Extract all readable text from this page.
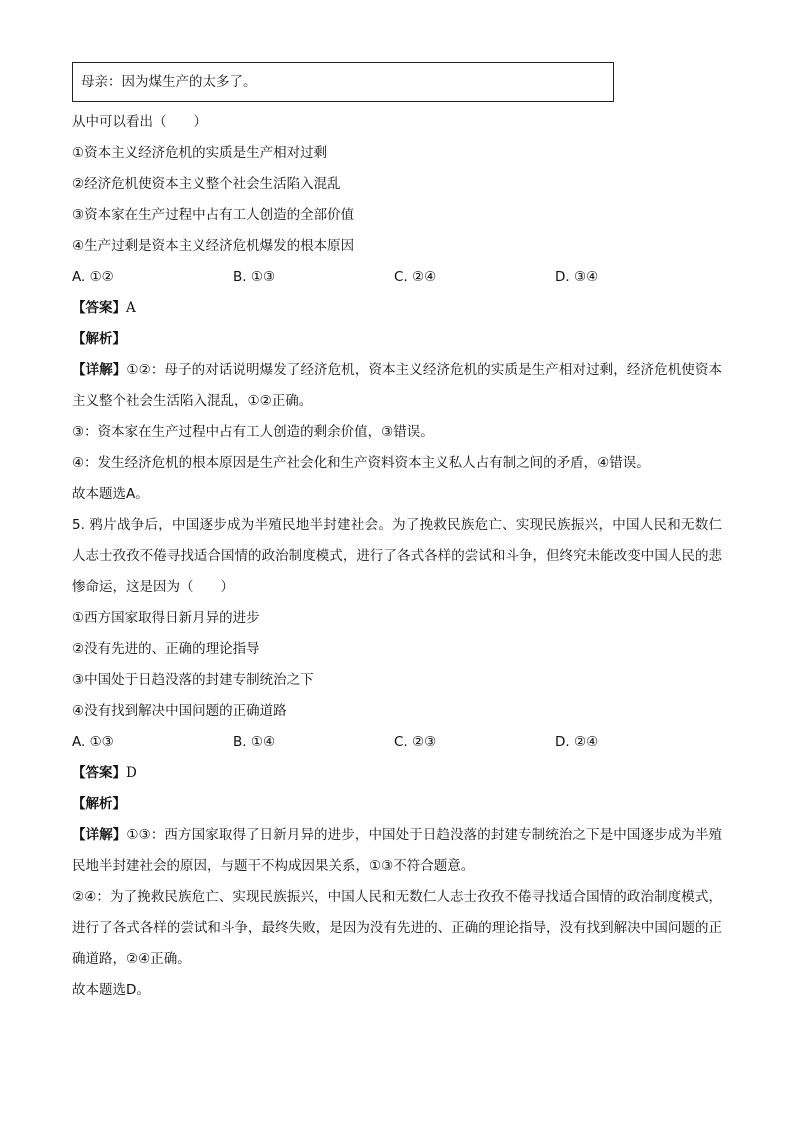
母亲：因为煤生产的太多了。
从中可以看出（　　）
①资本主义经济危机的实质是生产相对过剩
②经济危机使资本主义整个社会生活陷入混乱
③资本家在生产过程中占有工人创造的全部价值
④生产过剩是资本主义经济危机爆发的根本原因
A. ①②	B. ①③	C. ②④	D. ③④
【答案】A
【解析】
【详解】①②：母子的对话说明爆发了经济危机，资本主义经济危机的实质是生产相对过剩，经济危机使资本主义整个社会生活陷入混乱，①②正确。
③：资本家在生产过程中占有工人创造的剩余价值，③错误。
④：发生经济危机的根本原因是生产社会化和生产资料资本主义私人占有制之间的矛盾，④错误。
故本题选A。
5. 鸦片战争后，中国逐步成为半殖民地半封建社会。为了挽救民族危亡、实现民族振兴，中国人民和无数仁人志士孜孜不倦寻找适合国情的政治制度模式，进行了各式各样的尝试和斗争，但终究未能改变中国人民的悲惨命运，这是因为（　　）
①西方国家取得日新月异的进步
②没有先进的、正确的理论指导
③中国处于日趋没落的封建专制统治之下
④没有找到解决中国问题的正确道路
A. ①③	B. ①④	C. ②③	D. ②④
【答案】D
【解析】
【详解】①③：西方国家取得了日新月异的进步，中国处于日趋没落的封建专制统治之下是中国逐步成为半殖民地半封建社会的原因，与题干不构成因果关系，①③不符合题意。
②④：为了挽救民族危亡、实现民族振兴，中国人民和无数仁人志士孜孜不倦寻找适合国情的政治制度模式，进行了各式各样的尝试和斗争，最终失败，是因为没有先进的、正确的理论指导，没有找到解决中国问题的正确道路，②④正确。
故本题选D。
